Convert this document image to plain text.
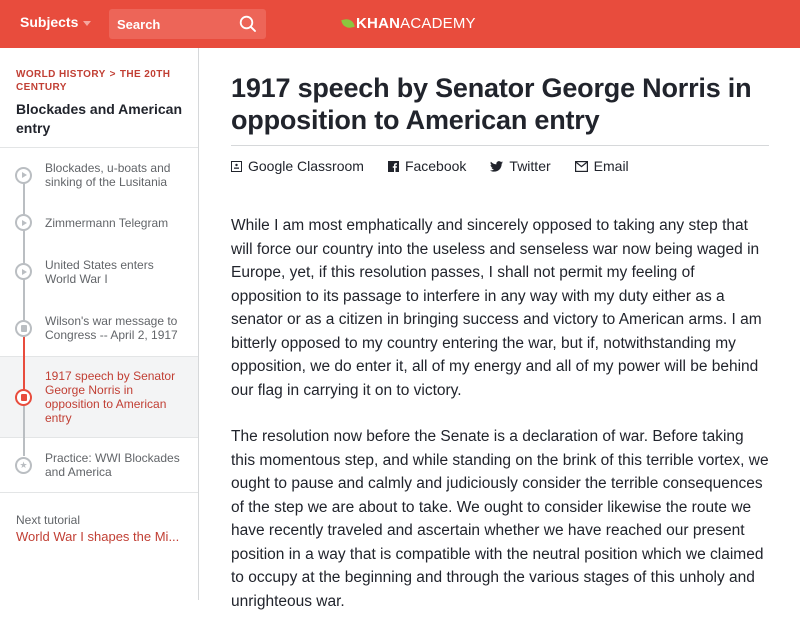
Subjects
Search	KHAN ACADEMY
WORLD HISTORY > THE 20TH CENTURY
Blockades and American entry
Blockades, u-boats and sinking of the Lusitania
Zimmermann Telegram
United States enters World War I
Wilson's war message to Congress -- April 2, 1917
1917 speech by Senator George Norris in opposition to American entry
★
Practice: WWI Blockades and America
Next tutorial
World War I shapes the Mi...
1917 speech by Senator George Norris in opposition to American entry
Google Classroom	Facebook	Twitter	Email

While I am most emphatically and sincerely opposed to taking any step that will force our country into the useless and senseless war now being waged in Europe, yet, if this resolution passes, I shall not permit my feeling of opposition to its passage to interfere in any way with my duty either as a senator or as a citizen in bringing success and victory to American arms. I am bitterly opposed to my country entering the war, but if, notwithstanding my opposition, we do enter it, all of my energy and all of my power will be behind our flag in carrying it on to victory.

The resolution now before the Senate is a declaration of war. Before taking this momentous step, and while standing on the brink of this terrible vortex, we ought to pause and calmly and judiciously consider the terrible consequences of the step we are about to take. We ought to consider likewise the route we have recently traveled and ascertain whether we have reached our present position in a way that is compatible with the neutral position which we claimed to occupy at the beginning and through the various stages of this unholy and unrighteous war.
